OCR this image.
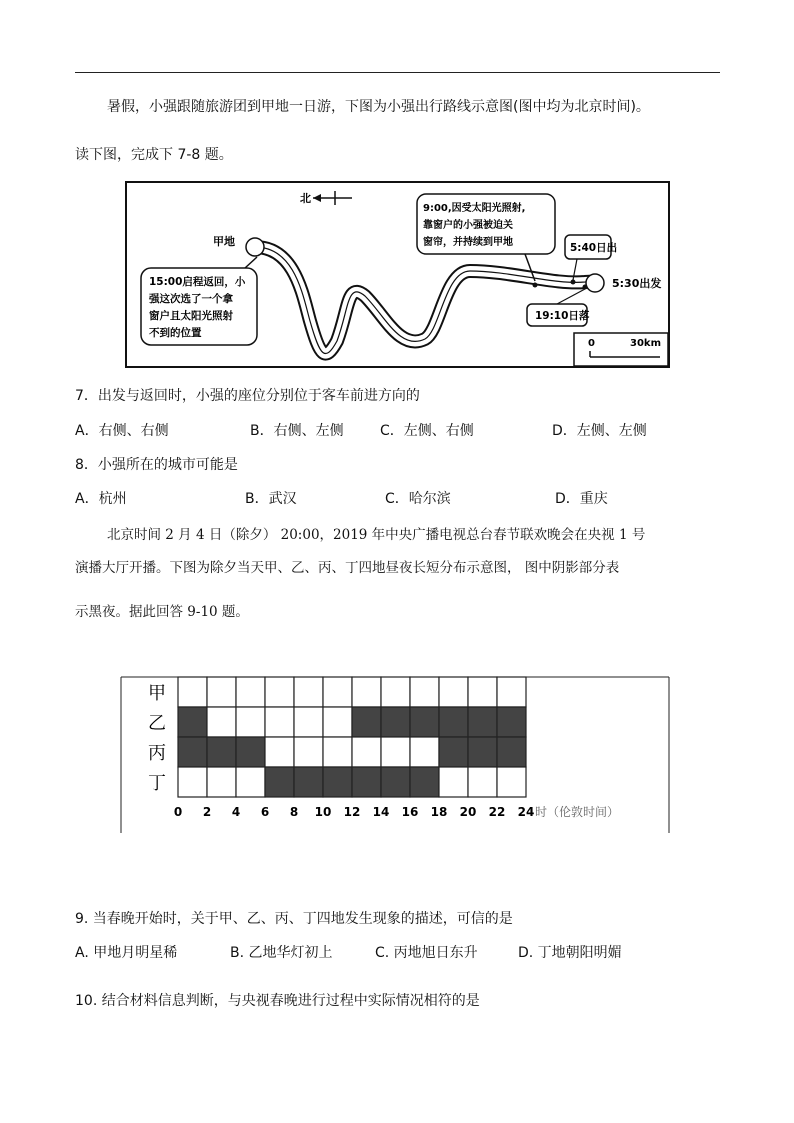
暑假，小强跟随旅游团到甲地一日游，下图为小强出行路线示意图(图中均为北京时间)。
读下图，完成下 7-8 题。
北
甲地
15:00启程返回，小 强这次选了一个拿 窗户且太阳光照射 不到的位置
9:00,因受太阳光照射, 靠窗户的小强被迫关 窗帘，并持续到甲地	5:40日出
5:30出发
19:10日落
0	30km
7．出发与返回时，小强的座位分别位于客车前进方向的
A．右侧、右侧	B．右侧、左侧	C．左侧、右侧	D．左侧、左侧
8．小强所在的城市可能是
A．杭州	B．武汉	C．哈尔滨	D．重庆
北京时间 2 月 4 日（除夕） 20:00，2019 年中央广播电视总台春节联欢晚会在央视 1 号
演播大厅开播。下图为除夕当天甲、乙、丙、丁四地昼夜长短分布示意图， 图中阴影部分表
示黑夜。据此回答 9-10 题。
甲
乙
丙
丁
0 2 4 6 8 10 12 14 16 18 20 22 24 时（伦敦时间）
9. 当春晚开始时，关于甲、乙、丙、丁四地发生现象的描述，可信的是
A. 甲地月明星稀	B. 乙地华灯初上	C. 丙地旭日东升	D. 丁地朝阳明媚
10. 结合材料信息判断，与央视春晚进行过程中实际情况相符的是
